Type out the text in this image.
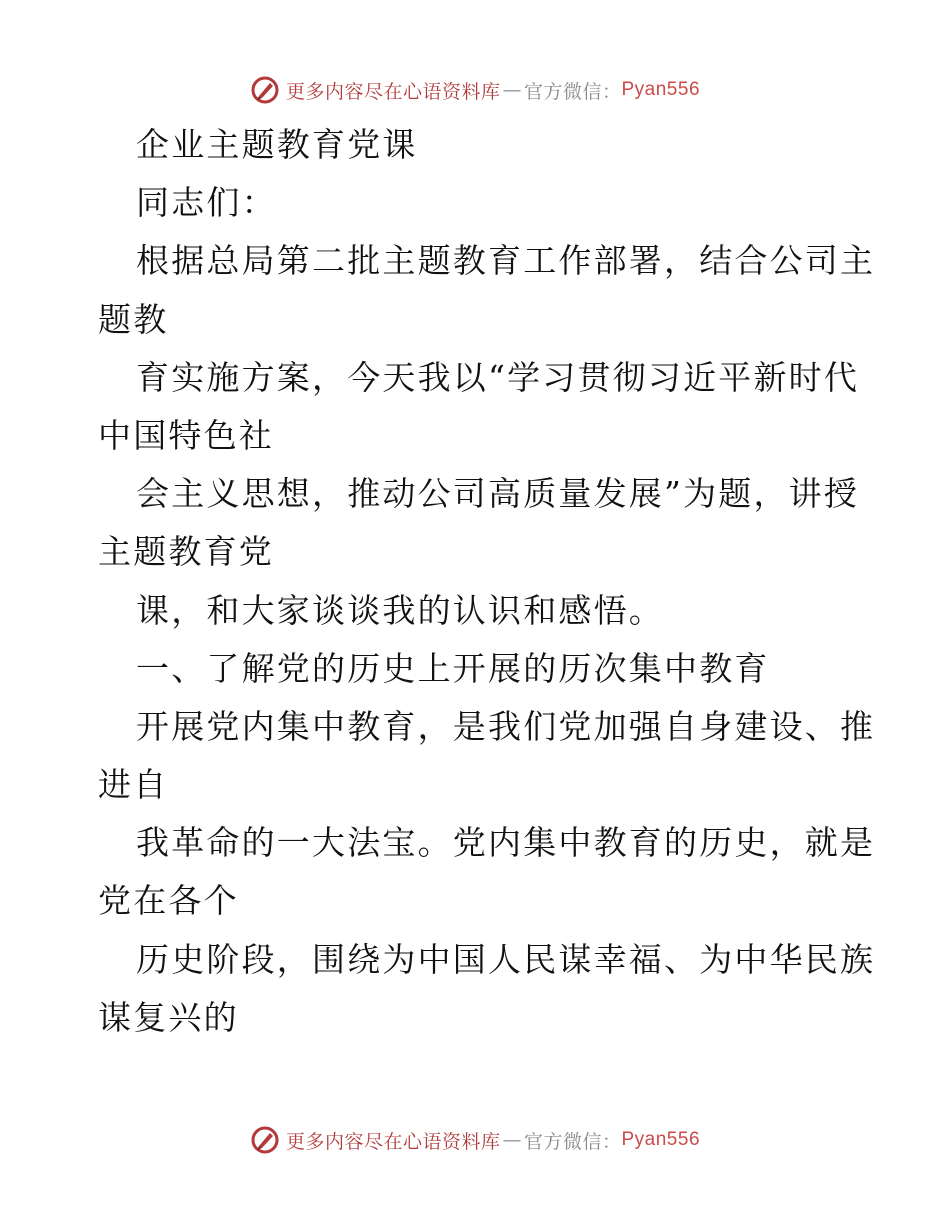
更多内容尽在心语资料库 — 官方微信： Pyan556
企业主题教育党课
同志们：
根据总局第二批主题教育工作部署，结合公司主
题教
育实施方案，今天我以“学习贯彻习近平新时代
中国特色社
会主义思想，推动公司高质量发展”为题，讲授
主题教育党
课，和大家谈谈我的认识和感悟。
一、了解党的历史上开展的历次集中教育
开展党内集中教育，是我们党加强自身建设、推
进自
我革命的一大法宝。党内集中教育的历史，就是
党在各个
历史阶段，围绕为中国人民谋幸福、为中华民族
谋复兴的
更多内容尽在心语资料库 — 官方微信： Pyan556
